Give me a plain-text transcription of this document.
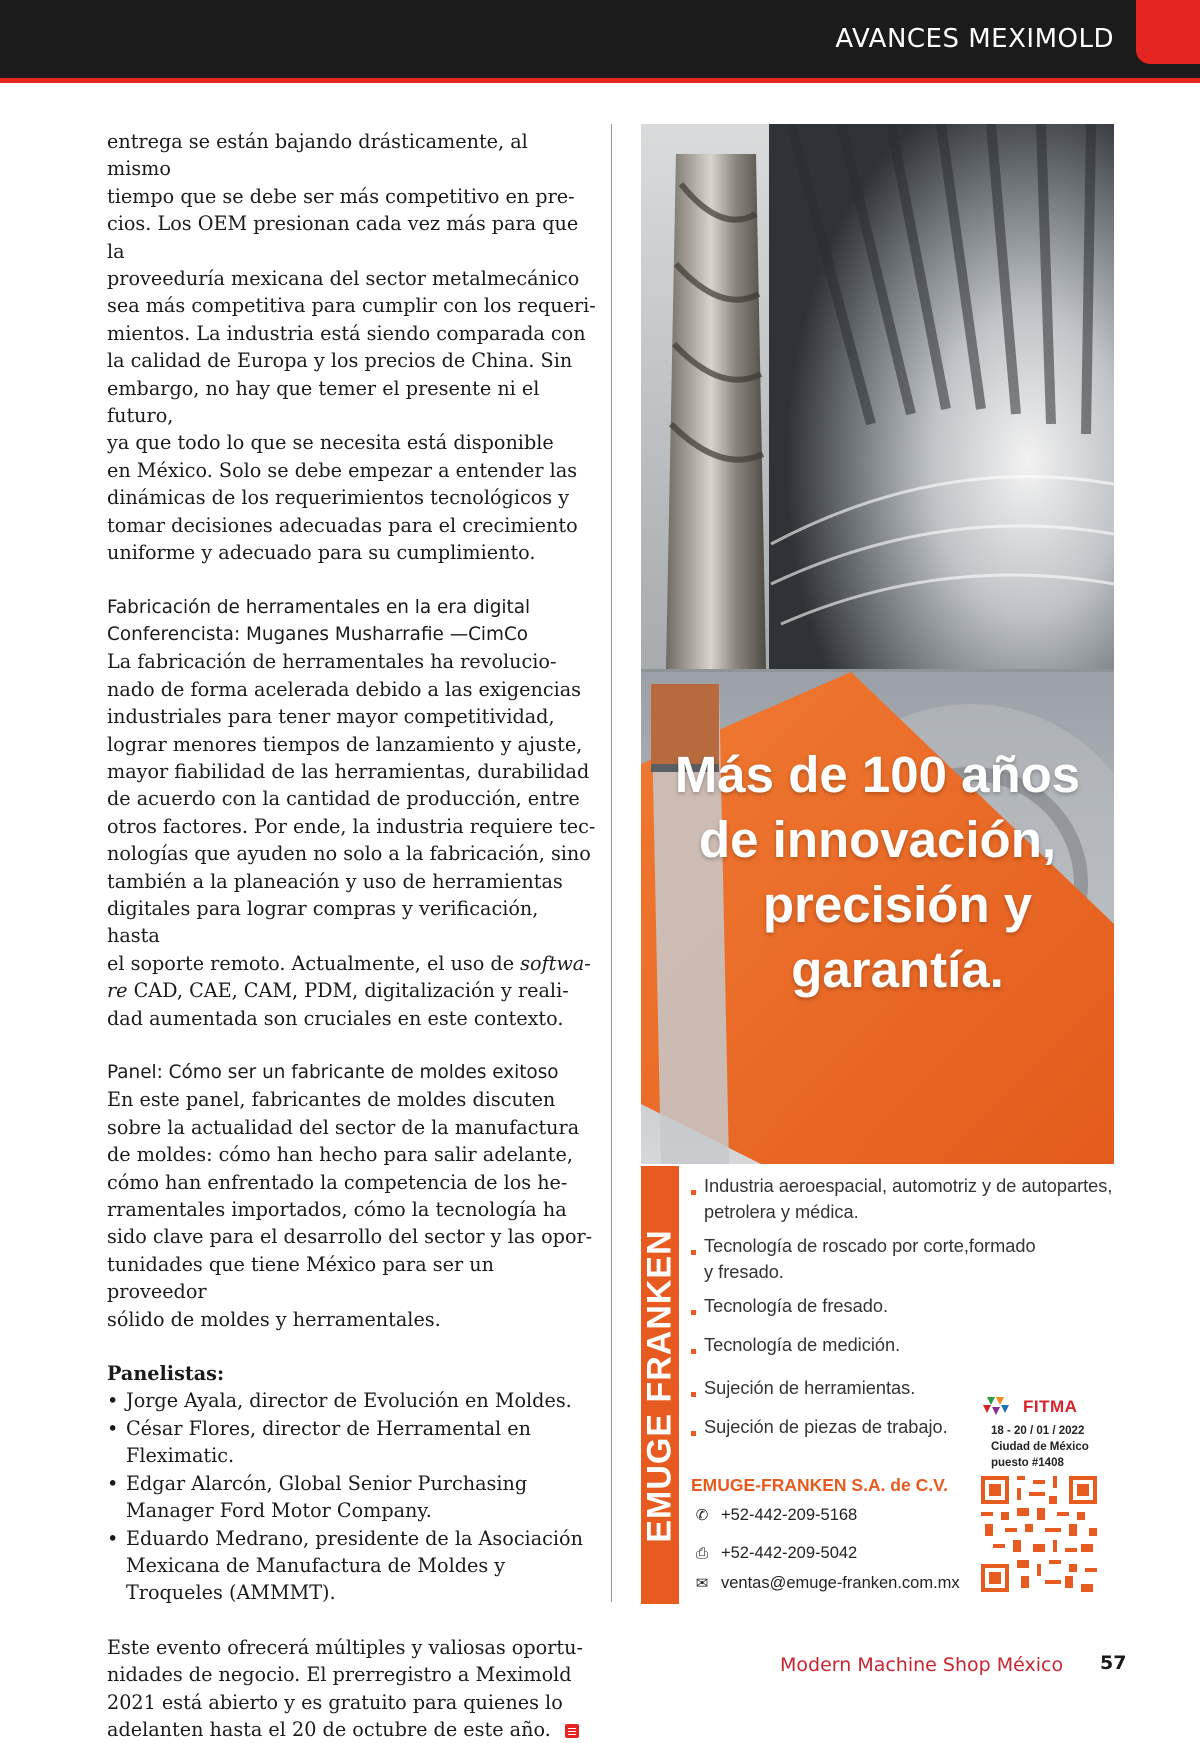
AVANCES MEXIMOLD

entrega se están bajando drásticamente, al mismo

tiempo que se debe ser más competitivo en pre-

cios. Los OEM presionan cada vez más para que la

proveeduría mexicana del sector metalmecánico

sea más competitiva para cumplir con los requeri-

mientos. La industria está siendo comparada con

la calidad de Europa y los precios de China. Sin

embargo, no hay que temer el presente ni el futuro,

ya que todo lo que se necesita está disponible

en México. Solo se debe empezar a entender las

dinámicas de los requerimientos tecnológicos y

tomar decisiones adecuadas para el crecimiento

uniforme y adecuado para su cumplimiento.

Fabricación de herramentales en la era digital
Conferencista: Muganes Musharrafie —CimCo

La fabricación de herramentales ha revolucio-

nado de forma acelerada debido a las exigencias

industriales para tener mayor competitividad,

lograr menores tiempos de lanzamiento y ajuste,

mayor fiabilidad de las herramientas, durabilidad

de acuerdo con la cantidad de producción, entre

otros factores. Por ende, la industria requiere tec-

nologías que ayuden no solo a la fabricación, sino

también a la planeación y uso de herramientas

digitales para lograr compras y verificación, hasta

el soporte remoto. Actualmente, el uso de softwa-

re CAD, CAE, CAM, PDM, digitalización y reali-

dad aumentada son cruciales en este contexto.

Panel: Cómo ser un fabricante de moldes exitoso

En este panel, fabricantes de moldes discuten

sobre la actualidad del sector de la manufactura

de moldes: cómo han hecho para salir adelante,

cómo han enfrentado la competencia de los he-

rramentales importados, cómo la tecnología ha

sido clave para el desarrollo del sector y las opor-

tunidades que tiene México para ser un proveedor

sólido de moldes y herramentales.

Panelistas:

• Jorge Ayala, director de Evolución en Moldes.
• César Flores, director de Herramental en
Fleximatic.
• Edgar Alarcón, Global Senior Purchasing
Manager Ford Motor Company.
• Eduardo Medrano, presidente de la Asociación
Mexicana de Manufactura de Moldes y
Troqueles (AMMMT).

Este evento ofrecerá múltiples y valiosas oportu-

nidades de negocio. El prerregistro a Meximold

2021 está abierto y es gratuito para quienes lo

adelanten hasta el 20 de octubre de este año.

Más de 100 años
de innovación,
precisión y
garantía.
EMUGE FRANKEN
Industria aeroespacial, automotriz y de autopartes,
petrolera y médica.
Tecnología de roscado por corte,formado
y fresado.
Tecnología de fresado.
Tecnología de medición.
Sujeción de herramientas.
Sujeción de piezas de trabajo.
EMUGE-FRANKEN S.A. de C.V.
✆ +52-442-209-5168
⎙ +52-442-209-5042
✉ ventas@emuge-franken.com.mx
FITMA
18 - 20 / 01 / 2022
Ciudad de México
puesto #1408
Modern Machine Shop México 57
